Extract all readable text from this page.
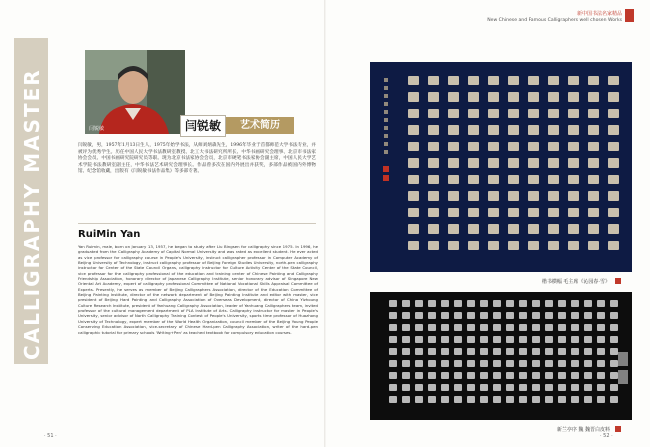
CALLIGRAPHY MASTER	闫锐敏	闫锐敏	艺术简历
闫锐敏，男，1957年1月13日生人，1975年始学书法，从师刘炳森先生，1996年毕业于首都师范大学书法专业，并被评为优秀学生。历任中国人民大学书法教研室教授、北工大书法研究所所长、中华书画研究会理事、北京市书法家协会会员、中国书画研究院研究员等职。现为北京书法家协会会员，北京市硬笔书法家协会副主席，中国人民大学艺术学院书法教研室副主任，中华书法艺术研究会理事长。作品曾多次在国内外展出并获奖，多部作品被国内外博物馆、纪念馆收藏，出版有《闫锐敏书法作品集》等多部专著。
RuiMin Yan
Yan Ruimin, male, born on January 13, 1957, he began to study after Liu Bingsen for calligraphy since 1975. In 1996, he graduated from the Calligraphy Academy of Capital Normal University and was rated as excellent student. He ever acted as vice professor for calligraphy course in People's University, instruct calligrapher professor in Computer Academy of Beijing University of Technology, instruct calligraphy professor of Beijing Foreign Studies University, north-pen calligraphy instructor for Center of the State Council Organs, calligraphy instructor for Culture Activity Center of the State Council, vice professor for the calligraphy professional of the education and training center of Chinese Painting and Calligraphy Friendship Association, honorary director of Japanese Calligraphy Institute, senior honorary advisor of Singapore New Oriental Art Academy, expert of calligraphy professional Committee of National Vocational Skills Appraisal Committee of Experts. Presently, he serves as member of Beijing Calligraphers Association, director of the Education Committee of Beijing Painting Institute, director of the network department of Beijing Painting Institute and editor with master, vice president of Beijing Hard Painting and Calligraphy Association of Overseas Development, director of China Yizhoung Culture Research Institute, president of Yanhuang Calligraphy Association, leader of Yanhuang Calligraphers team, invited professor of the cultural management department of PLA Institute of Arts. Calligraphy instructor for master in People's University, senior advisor of North Calligraphy Training Contest of People's University, sports time professor of Huazhong University of Technology, expert member of the World Health Organization, council member of the Beijing Young People Conserving Education Association, vice-secretary of Chinese Hard-pen Calligraphy Association, writer of the hard-pen calligraphic tutorial for primary schools 'Writing+Pen' as teached textbook for compulsory education courses.
· 51 ·
新中国书法名家精品
New Chinese and Famous Calligraphers well chosen Works
楷书横幅 毛主席《沁园春·雪》
新兰亭序 魏 魏晋白皮料
· 52 ·
